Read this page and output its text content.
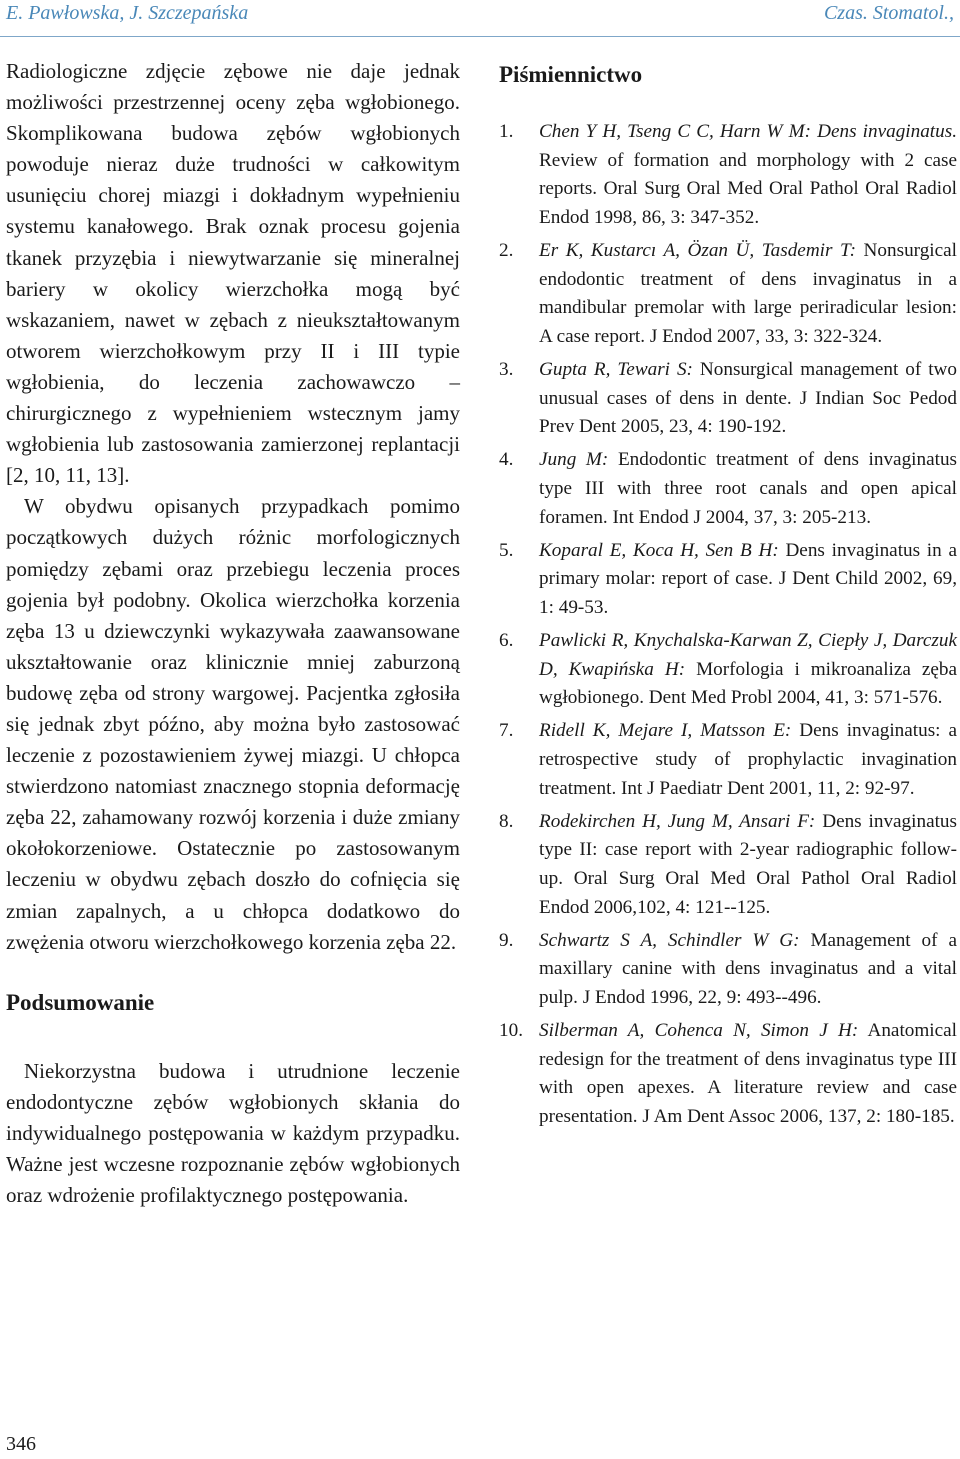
E. Pawłowska, J. Szczepańska	Czas. Stomatol.,

Radiologiczne zdjęcie zębowe nie daje jednak możliwości przestrzennej oceny zęba wgłobionego. Skomplikowana budowa zębów wgłobionych powoduje nieraz duże trudności w całkowitym usunięciu chorej miazgi i dokładnym wypełnieniu systemu kanałowego. Brak oznak procesu gojenia tkanek przyzębia i niewytwarzanie się mineralnej bariery w okolicy wierzchołka mogą być wskazaniem, nawet w zębach z nieukształtowanym otworem wierzchołkowym przy II i III typie wgłobienia, do leczenia zachowawczo – chirurgicznego z wypełnieniem wstecznym jamy wgłobienia lub zastosowania zamierzonej replantacji [2, 10, 11, 13].

W obydwu opisanych przypadkach pomimo początkowych dużych różnic morfologicznych pomiędzy zębami oraz przebiegu leczenia proces gojenia był podobny. Okolica wierzchołka korzenia zęba 13 u dziewczynki wykazywała zaawansowane ukształtowanie oraz klinicznie mniej zaburzoną budowę zęba od strony wargowej. Pacjentka zgłosiła się jednak zbyt późno, aby można było zastosować leczenie z pozostawieniem żywej miazgi. U chłopca stwierdzono natomiast znacznego stopnia deformację zęba 22, zahamowany rozwój korzenia i duże zmiany okołokorzeniowe. Ostatecznie po zastosowanym leczeniu w obydwu zębach doszło do cofnięcia się zmian zapalnych, a u chłopca dodatkowo do zwężenia otworu wierzchołkowego korzenia zęba 22.

Podsumowanie

Niekorzystna budowa i utrudnione leczenie endodontyczne zębów wgłobionych skłania do indywidualnego postępowania w każdym przypadku. Ważne jest wczesne rozpoznanie zębów wgłobionych oraz wdrożenie profilaktycznego postępowania.

Piśmiennictwo
1.	Chen Y H, Tseng C C, Harn W M: Dens invaginatus. Review of formation and morphology with 2 case reports. Oral Surg Oral Med Oral Pathol Oral Radiol Endod 1998, 86, 3: 347-352.
2.	Er K, Kustarcı A, Özan Ü, Tasdemir T: Nonsurgical endodontic treatment of dens invaginatus in a mandibular premolar with large periradicular lesion: A case report. J Endod 2007, 33, 3: 322-324.
3.	Gupta R, Tewari S: Nonsurgical management of two unusual cases of dens in dente. J Indian Soc Pedod Prev Dent 2005, 23, 4: 190-192.
4.	Jung M: Endodontic treatment of dens invaginatus type III with three root canals and open apical foramen. Int Endod J 2004, 37, 3: 205-213.
5.	Koparal E, Koca H, Sen B H: Dens invaginatus in a primary molar: report of case. J Dent Child 2002, 69, 1: 49-53.
6.	Pawlicki R, Knychalska-Karwan Z, Ciepły J, Darczuk D, Kwapińska H: Morfologia i mikroanaliza zęba wgłobionego. Dent Med Probl 2004, 41, 3: 571-576.
7.	Ridell K, Mejare I, Matsson E: Dens invaginatus: a retrospective study of prophylactic invagination treatment. Int J Paediatr Dent 2001, 11, 2: 92-97.
8.	Rodekirchen H, Jung M, Ansari F: Dens invaginatus type II: case report with 2-year radiographic follow-up. Oral Surg Oral Med Oral Pathol Oral Radiol Endod 2006,102, 4: 121--125.
9.	Schwartz S A, Schindler W G: Management of a maxillary canine with dens invaginatus and a vital pulp. J Endod 1996, 22, 9: 493--496.
10. Silberman A, Cohenca N, Simon J H: Anatomical redesign for the treatment of dens invaginatus type III with open apexes. A literature review and case presentation. J Am Dent Assoc 2006, 137, 2: 180-185.
346
